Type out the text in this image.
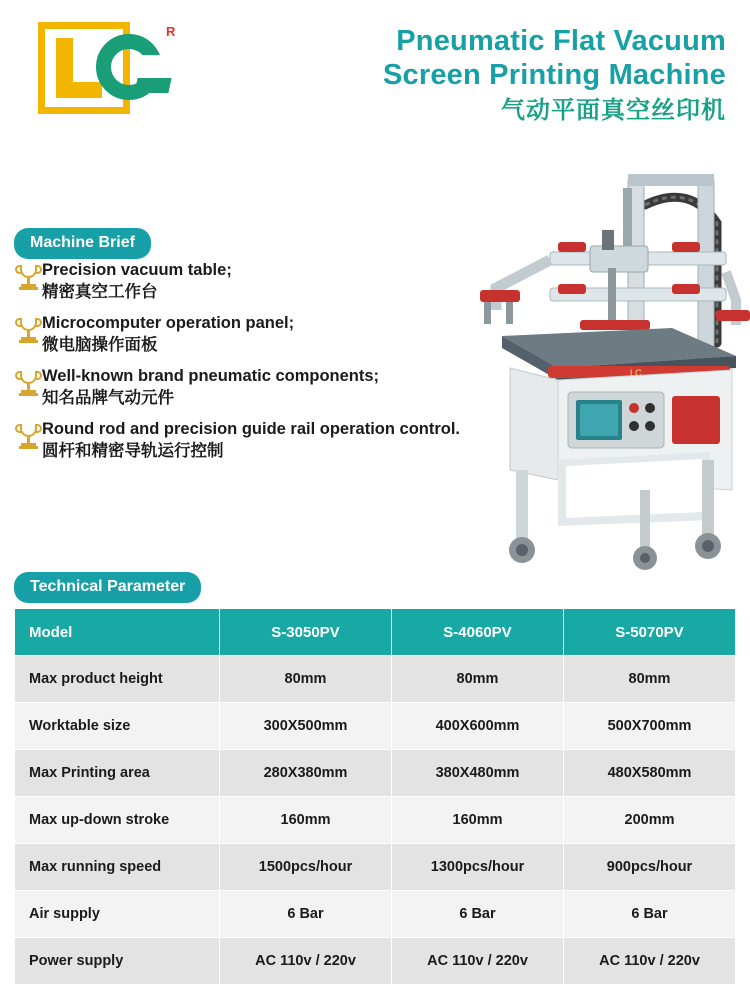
R	Pneumatic Flat Vacuum
Screen Printing Machine
气动平面真空丝印机
LC
Machine Brief
Precision vacuum table;
精密真空工作台
Microcomputer operation panel;
微电脑操作面板
Well-known brand pneumatic components;
知名品牌气动元件
Round rod and precision guide rail operation control.
圆杆和精密导轨运行控制
Technical Parameter
Model	S-3050PV	S-4060PV	S-5070PV
Max product height	80mm	80mm	80mm
Worktable size	300X500mm	400X600mm	500X700mm
Max Printing area	280X380mm	380X480mm	480X580mm
Max up-down stroke	160mm	160mm	200mm
Max running speed	1500pcs/hour	1300pcs/hour	900pcs/hour
Air supply	6 Bar	6 Bar	6 Bar
Power supply	AC 110v / 220v	AC 110v / 220v	AC 110v / 220v
